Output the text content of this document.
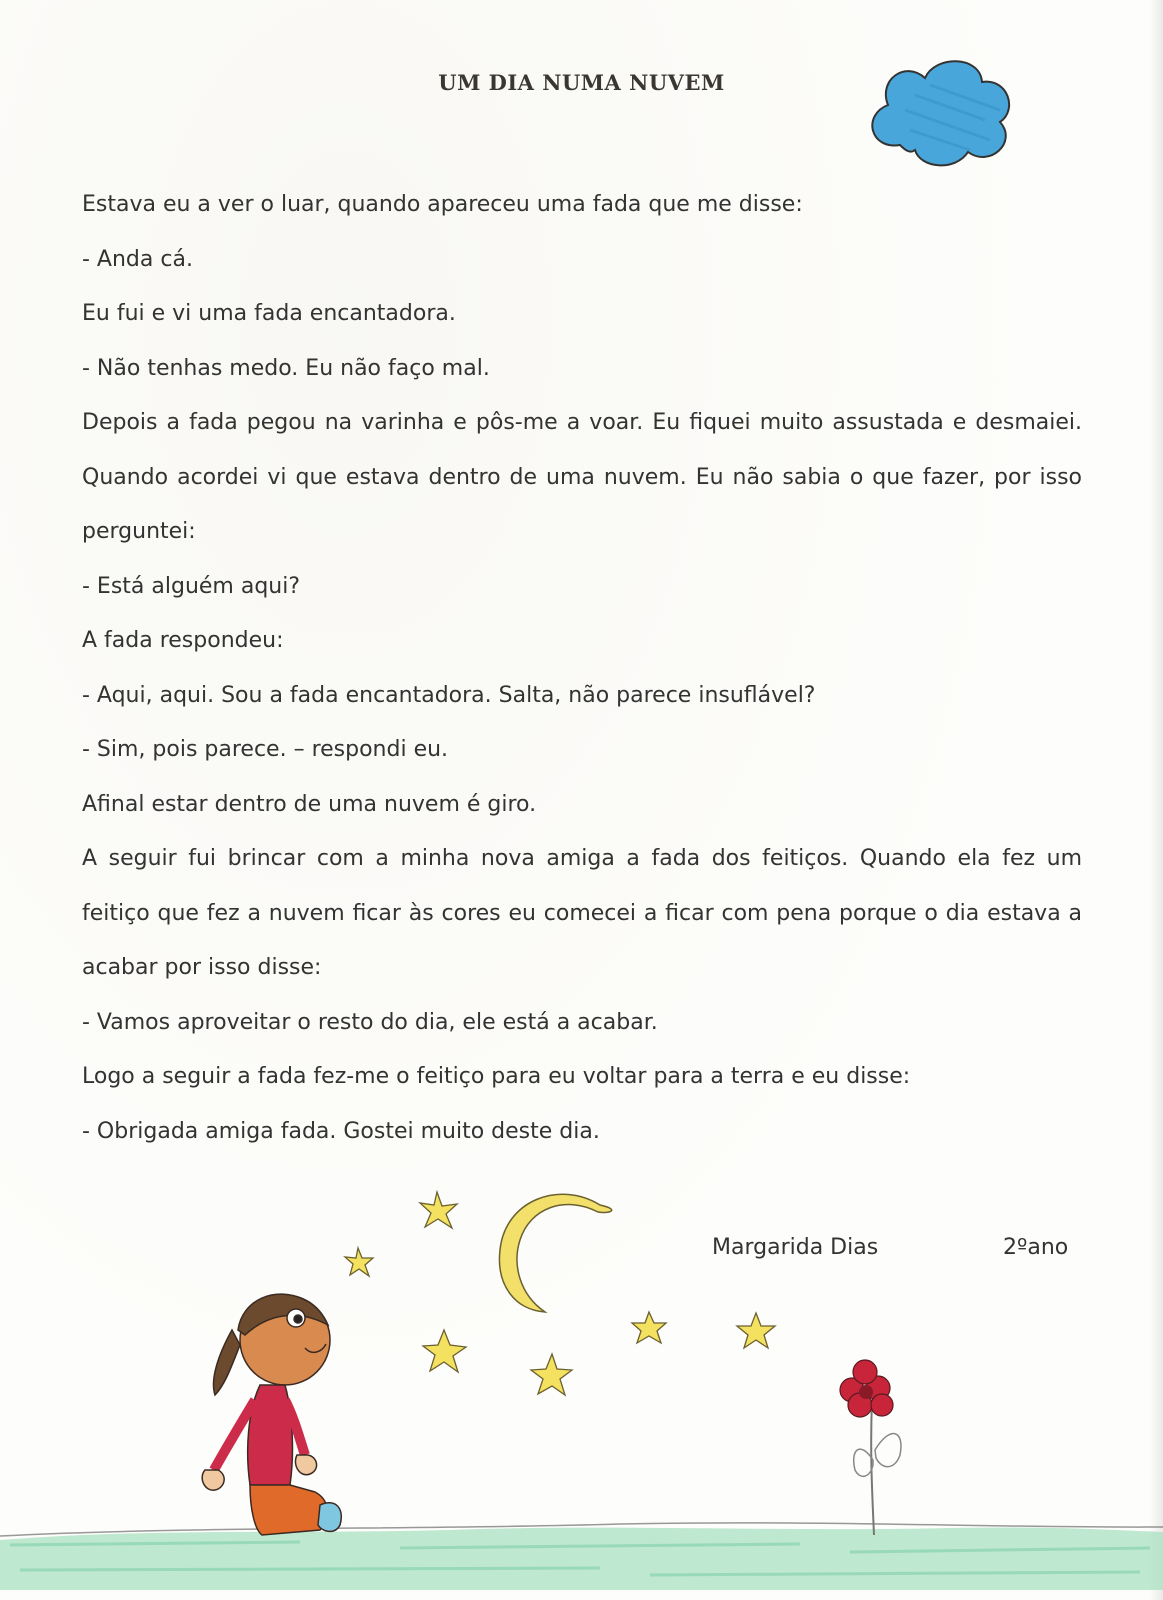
UM DIA NUMA NUVEM

Estava eu a ver o luar, quando apareceu uma fada que me disse:

- Anda cá.

Eu fui e vi uma fada encantadora.

- Não tenhas medo. Eu não faço mal.

Depois a fada pegou na varinha e pôs-me a voar. Eu fiquei muito assustada e desmaiei. Quando acordei vi que estava dentro de uma nuvem. Eu não sabia o que fazer, por isso perguntei:

- Está alguém aqui?

A fada respondeu:

- Aqui, aqui. Sou a fada encantadora. Salta, não parece insuflável?

- Sim, pois parece. – respondi eu.

Afinal estar dentro de uma nuvem é giro.

A seguir fui brincar com a minha nova amiga a fada dos feitiços. Quando ela fez um feitiço que fez a nuvem ficar às cores eu comecei a ficar com pena porque o dia estava a acabar por isso disse:

- Vamos aproveitar o resto do dia, ele está a acabar.

Logo a seguir a fada fez-me o feitiço para eu voltar para a terra e eu disse:

- Obrigada amiga fada. Gostei muito deste dia.

Margarida Dias	2ºano
